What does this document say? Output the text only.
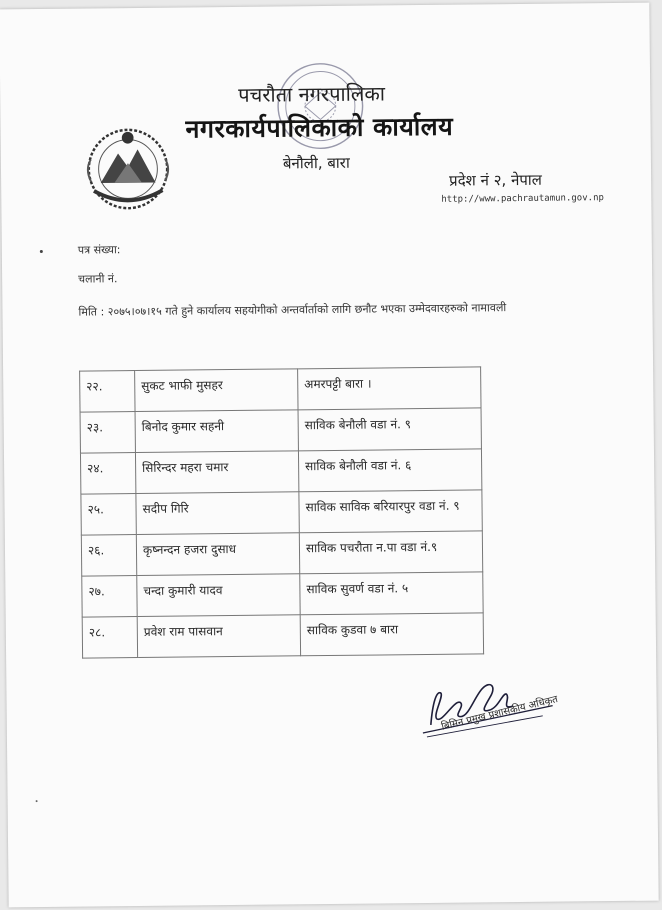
पचरौता नगरपालिका
नगरकार्यपालिकाको कार्यालय
बेनौली, बारा
प्रदेश नं २, नेपाल
http://www.pachrautamun.gov.np
पत्र संख्या:
चलानी नं.
मिति : २०७५।०७।१५ गते हुने कार्यालय सहयोगीको अन्तर्वार्ताको लागि छनौट भएका उम्मेदवारहरुको नामावली
२२.	सुकट भाफी मुसहर	अमरपट्टी बारा ।
२३.	बिनोद कुमार सहनी	साविक बेनौली वडा नं. ९
२४.	सिरिन्दर महरा चमार	साविक बेनौली वडा नं. ६
२५.	सदीप गिरि	साविक साविक बरियारपुर वडा नं. ९
२६.	कृष्नन्दन हजरा दुसाध	साविक पचरौता न.पा वडा नं.९
२७.	चन्दा कुमारी यादव	साविक सुवर्ण वडा नं. ५
२८.	प्रवेश राम पासवान	साविक कुडवा ७ बारा
बिमिन प्रमुख प्रशासकीय अधिकृत
